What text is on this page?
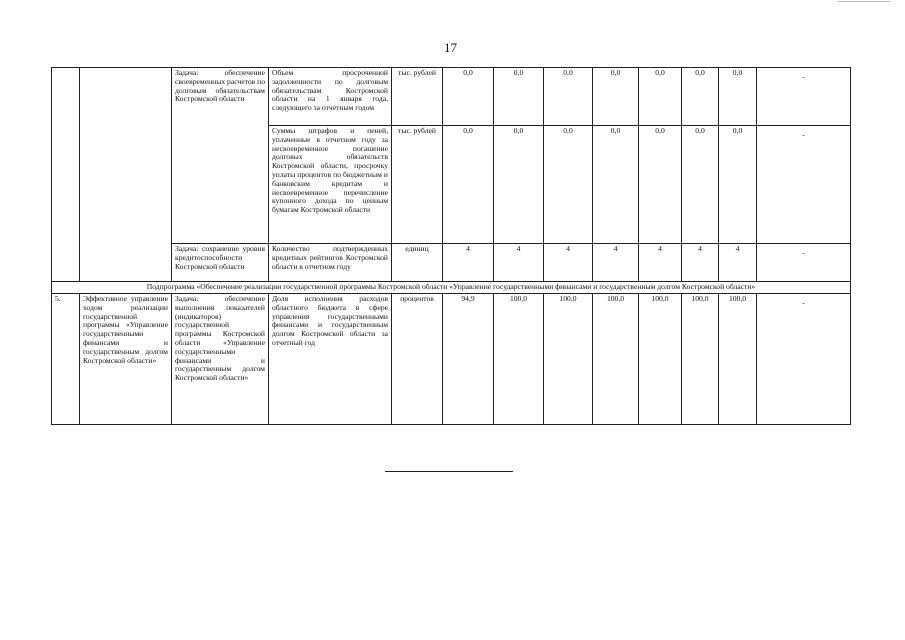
17
		Задача: обеспечение своевременных расчетов по долговым обязательствам Костромской области	Объем просроченной задолженности по долговым обязательствам Костромской области на 1 января года, следующего за отчетным годом	тыс. рублей	0,0	0,0	0,0	0,0	0,0	0,0	0,0	-
			Суммы штрафов и пеней, уплаченные в отчетном году за несвоевременное погашение долговых обязательств Костромской области, просрочку уплаты процентов по бюджетным и банковским кредитам и несвоевременное перечисление купонного дохода по ценным бумагам Костромской области	тыс. рублей	0,0	0,0	0,0	0,0	0,0	0,0	0,0	-
		Задача: сохранение уровня кредитоспособности Костромской области	Количество подтвержденных кредитных рейтингов Костромской области в отчетном году	единиц	4	4	4	4	4	4	4	-
Подпрограмма «Обеспечение реализации государственной программы Костромской области «Управление государственными финансами и государственным долгом Костромской области»												
5.	Эффективное управление ходом реализации государственной программы «Управление государственными финансами и государственным долгом Костромской области»	Задача: обеспечение выполнения показателей (индикаторов) государственной программы Костромской области «Управление государственными финансами и государственным долгом Костромской области»	Доля исполнения расходов областного бюджета в сфере управления государственными финансами и государственным долгом Костромской области за отчетный год	процентов	94,9	100,0	100,0	100,0	100,0	100,0	100,0	-
